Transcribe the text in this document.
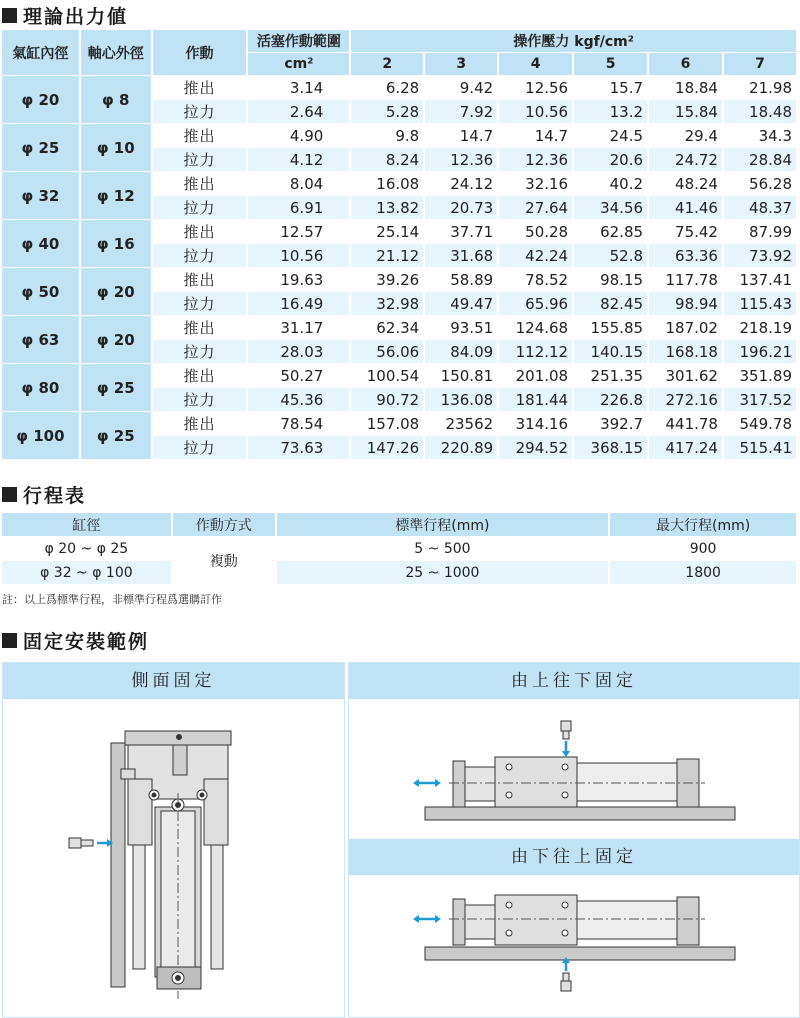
理論出力値
氣缸內徑	軸心外徑	作動	活塞作動範圍	操作壓力 kgf/cm²					
			cm²	2	3	4	5	6	7
φ 20	φ 8	推出	3.14	6.28	9.42	12.56	15.7	18.84	21.98
		拉力	2.64	5.28	7.92	10.56	13.2	15.84	18.48
φ 25	φ 10	推出	4.90	9.8	14.7	14.7	24.5	29.4	34.3
		拉力	4.12	8.24	12.36	12.36	20.6	24.72	28.84
φ 32	φ 12	推出	8.04	16.08	24.12	32.16	40.2	48.24	56.28
		拉力	6.91	13.82	20.73	27.64	34.56	41.46	48.37
φ 40	φ 16	推出	12.57	25.14	37.71	50.28	62.85	75.42	87.99
		拉力	10.56	21.12	31.68	42.24	52.8	63.36	73.92
φ 50	φ 20	推出	19.63	39.26	58.89	78.52	98.15	117.78	137.41
		拉力	16.49	32.98	49.47	65.96	82.45	98.94	115.43
φ 63	φ 20	推出	31.17	62.34	93.51	124.68	155.85	187.02	218.19
		拉力	28.03	56.06	84.09	112.12	140.15	168.18	196.21
φ 80	φ 25	推出	50.27	100.54	150.81	201.08	251.35	301.62	351.89
		拉力	45.36	90.72	136.08	181.44	226.8	272.16	317.52
φ 100	φ 25	推出	78.54	157.08	23562	314.16	392.7	441.78	549.78
		拉力	73.63	147.26	220.89	294.52	368.15	417.24	515.41
行程表
缸徑	作動方式	標準行程(mm)	最大行程(mm)
φ 20 ~ φ 25	複動	5 ~ 500	900
φ 32 ~ φ 100		25 ~ 1000	1800
註：以上爲標準行程，非標準行程爲選購訂作
固定安裝範例
側面固定	由上往下固定
由下往上固定
